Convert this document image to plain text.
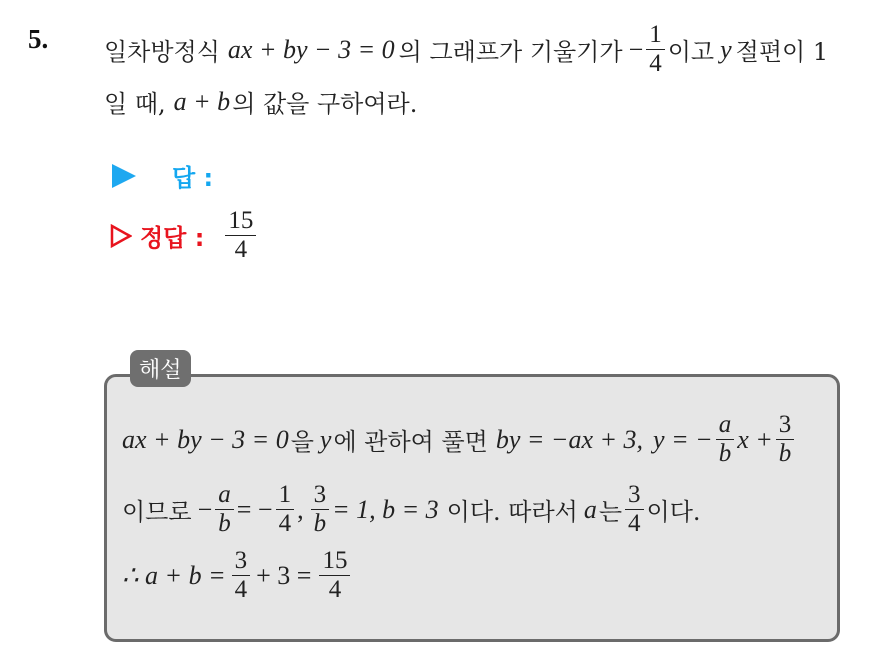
5. 일차방정식 ax + by − 3 = 0 의 그래프가 기울기가 − $\frac{1}{4}$ 이고 y 절편이 1
일 때, a + b 의 값을 구하여라.
답 :
정답 : $\frac{15}{4}$
해설
ax + by − 3 = 0 을 y 에 관하여 풀면 by = −ax + 3, y = − $\frac{a}{b}$ $x + \frac{3}{b}$
이므로 − $\frac{a}{b}$ = − $\frac{1}{4}$ , $\frac{3}{b} = 1$, b = 3 이다. 따라서 a 는 $\frac{3}{4}$ 이다.
∴ $a + b = \frac{3}{4} + 3 = \frac{15}{4}$
